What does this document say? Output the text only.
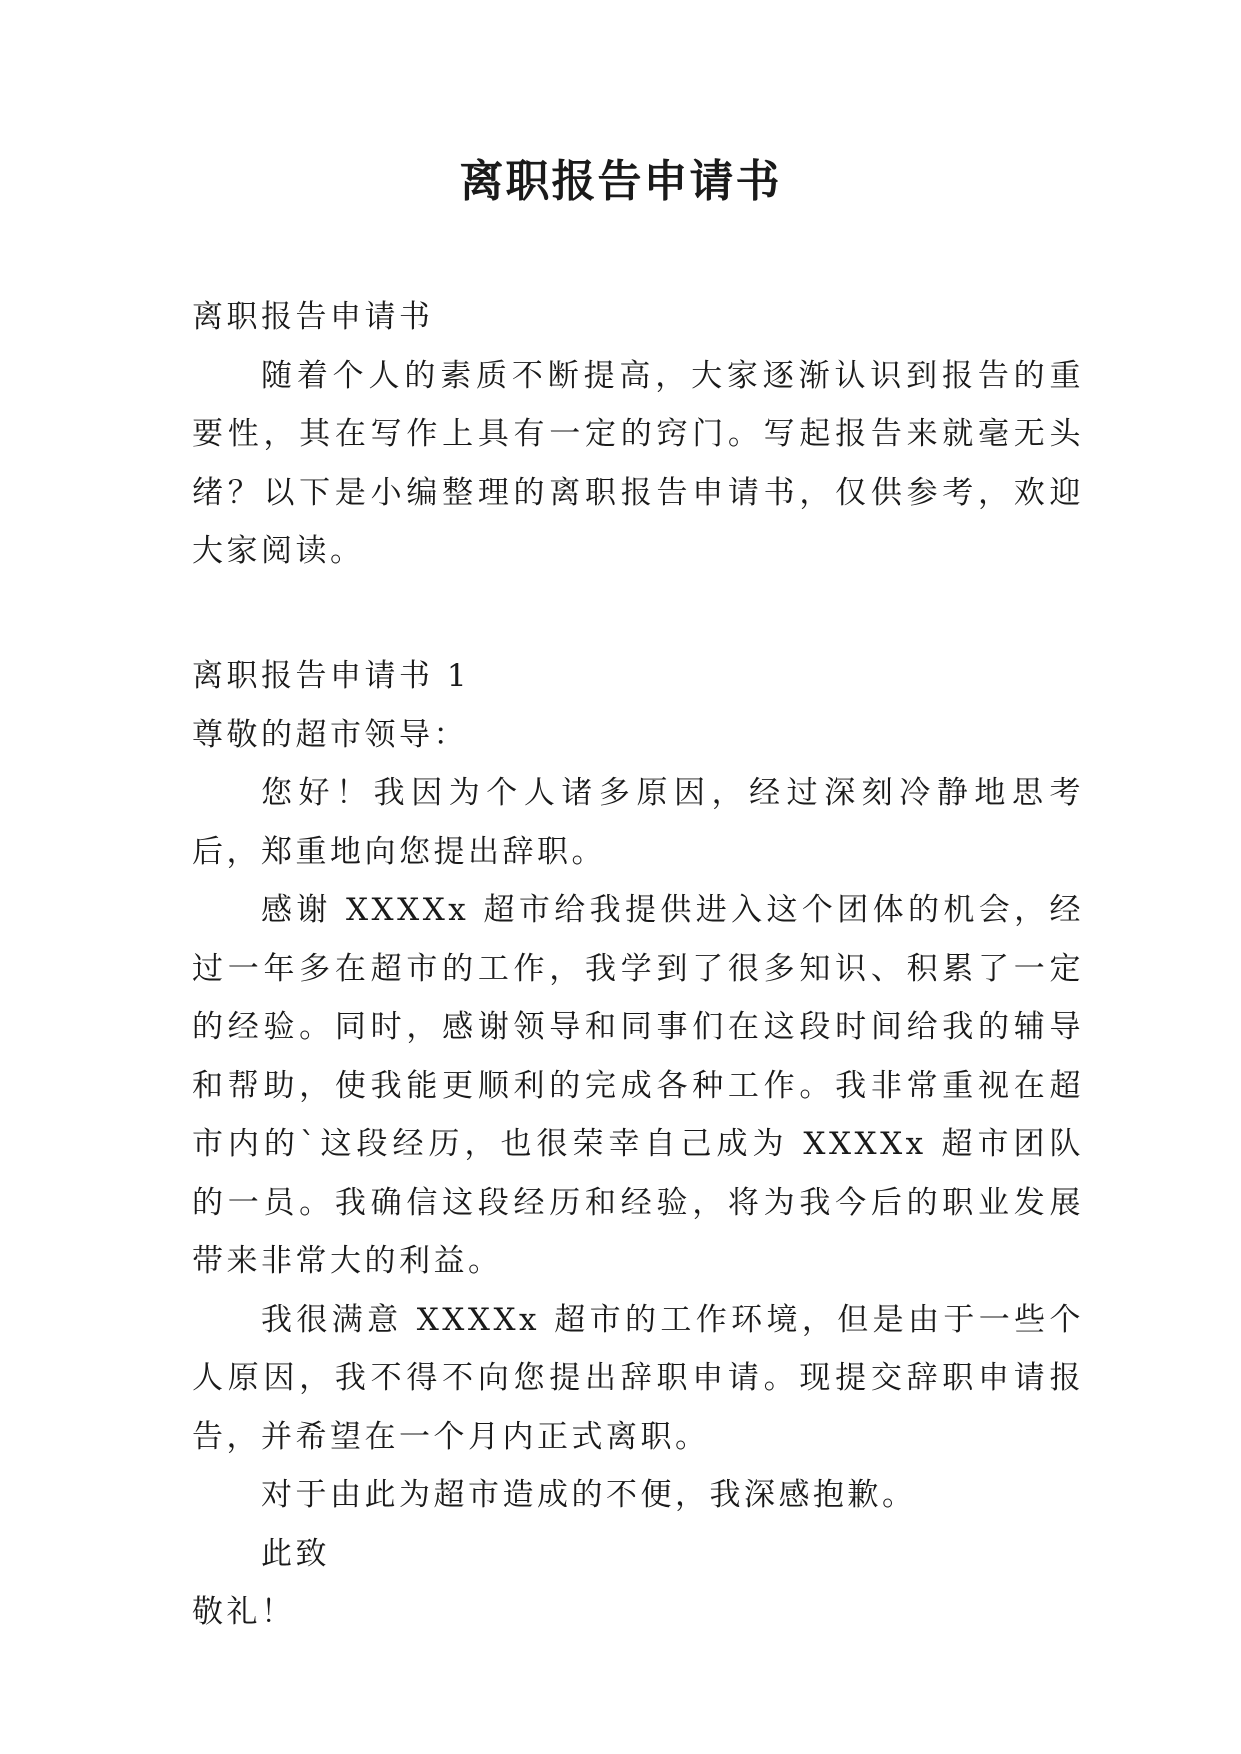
离职报告申请书

离职报告申请书

随着个人的素质不断提高，大家逐渐认识到报告的重要性，其在写作上具有一定的窍门。写起报告来就毫无头绪？以下是小编整理的离职报告申请书，仅供参考，欢迎大家阅读。

离职报告申请书 1

尊敬的超市领导：

您好！我因为个人诸多原因，经过深刻冷静地思考后，郑重地向您提出辞职。

感谢 XXXXx 超市给我提供进入这个团体的机会，经过一年多在超市的工作，我学到了很多知识、积累了一定的经验。同时，感谢领导和同事们在这段时间给我的辅导和帮助，使我能更顺利的完成各种工作。我非常重视在超市内的`这段经历，也很荣幸自己成为 XXXXx 超市团队的一员。我确信这段经历和经验，将为我今后的职业发展带来非常大的利益。

我很满意 XXXXx 超市的工作环境，但是由于一些个人原因，我不得不向您提出辞职申请。现提交辞职申请报告，并希望在一个月内正式离职。

对于由此为超市造成的不便，我深感抱歉。

此致

敬礼！
